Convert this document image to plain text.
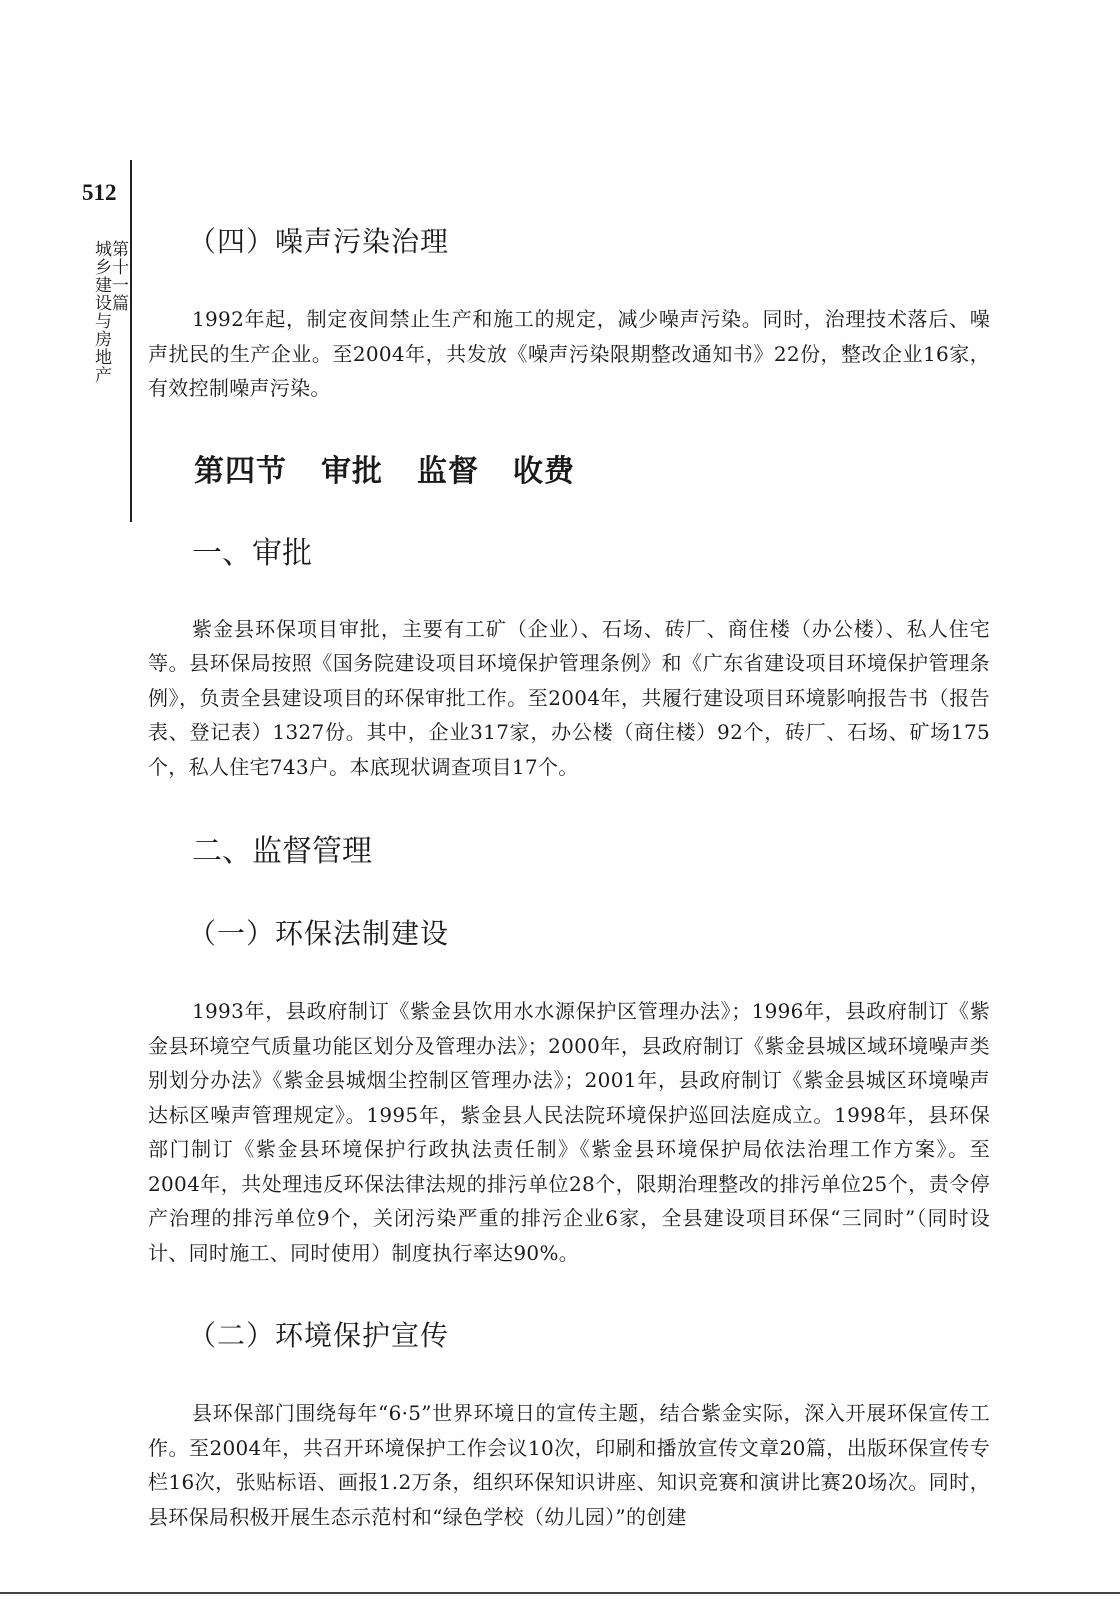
512
第十一篇
城乡建设与房地产	（四）噪声污染治理

1992年起，制定夜间禁止生产和施工的规定，减少噪声污染。同时，治理技术落后、噪声扰民的生产企业。至2004年，共发放《噪声污染限期整改通知书》22份，整改企业16家，有效控制噪声污染。

第四节 审批 监督 收费
一、审批

紫金县环保项目审批，主要有工矿（企业）、石场、砖厂、商住楼（办公楼）、私人住宅等。县环保局按照《国务院建设项目环境保护管理条例》和《广东省建设项目环境保护管理条例》，负责全县建设项目的环保审批工作。至2004年，共履行建设项目环境影响报告书（报告表、登记表）1327份。其中，企业317家，办公楼（商住楼）92个，砖厂、石场、矿场175个，私人住宅743户。本底现状调查项目17个。

二、监督管理
（一）环保法制建设

1993年，县政府制订《紫金县饮用水水源保护区管理办法》；1996年，县政府制订《紫金县环境空气质量功能区划分及管理办法》；2000年，县政府制订《紫金县城区域环境噪声类别划分办法》《紫金县城烟尘控制区管理办法》；2001年，县政府制订《紫金县城区环境噪声达标区噪声管理规定》。1995年，紫金县人民法院环境保护巡回法庭成立。1998年，县环保部门制订《紫金县环境保护行政执法责任制》《紫金县环境保护局依法治理工作方案》。至2004年，共处理违反环保法律法规的排污单位28个，限期治理整改的排污单位25个，责令停产治理的排污单位9个，关闭污染严重的排污企业6家，全县建设项目环保“三同时”（同时设计、同时施工、同时使用）制度执行率达90%。

（二）环境保护宣传

县环保部门围绕每年“6·5”世界环境日的宣传主题，结合紫金实际，深入开展环保宣传工作。至2004年，共召开环境保护工作会议10次，印刷和播放宣传文章20篇，出版环保宣传专栏16次，张贴标语、画报1.2万条，组织环保知识讲座、知识竞赛和演讲比赛20场次。同时，县环保局积极开展生态示范村和“绿色学校（幼儿园）”的创建
